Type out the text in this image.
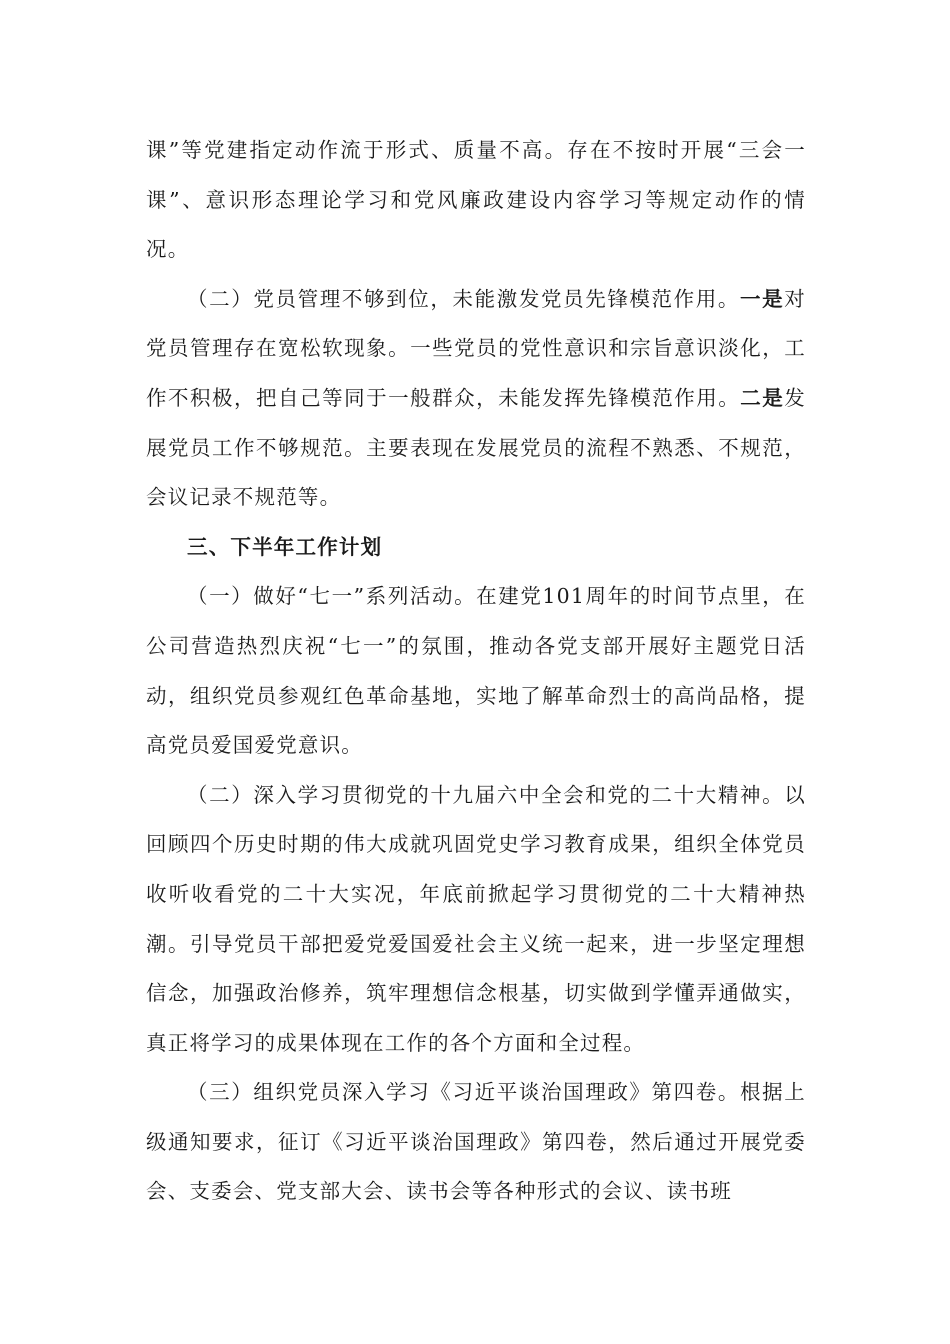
课”等党建指定动作流于形式、质量不高。存在不按时开展“三会一课”、意识形态理论学习和党风廉政建设内容学习等规定动作的情况。

（二）党员管理不够到位，未能激发党员先锋模范作用。一是对党员管理存在宽松软现象。一些党员的党性意识和宗旨意识淡化，工作不积极，把自己等同于一般群众，未能发挥先锋模范作用。二是发展党员工作不够规范。主要表现在发展党员的流程不熟悉、不规范，会议记录不规范等。

三、下半年工作计划

（一）做好“七一”系列活动。在建党101周年的时间节点里，在公司营造热烈庆祝“七一”的氛围，推动各党支部开展好主题党日活动，组织党员参观红色革命基地，实地了解革命烈士的高尚品格，提高党员爱国爱党意识。

（二）深入学习贯彻党的十九届六中全会和党的二十大精神。以回顾四个历史时期的伟大成就巩固党史学习教育成果，组织全体党员收听收看党的二十大实况，年底前掀起学习贯彻党的二十大精神热潮。引导党员干部把爱党爱国爱社会主义统一起来，进一步坚定理想信念，加强政治修养，筑牢理想信念根基，切实做到学懂弄通做实，真正将学习的成果体现在工作的各个方面和全过程。

（三）组织党员深入学习《习近平谈治国理政》第四卷。根据上级通知要求，征订《习近平谈治国理政》第四卷，然后通过开展党委会、支委会、党支部大会、读书会等各种形式的会议、读书班
